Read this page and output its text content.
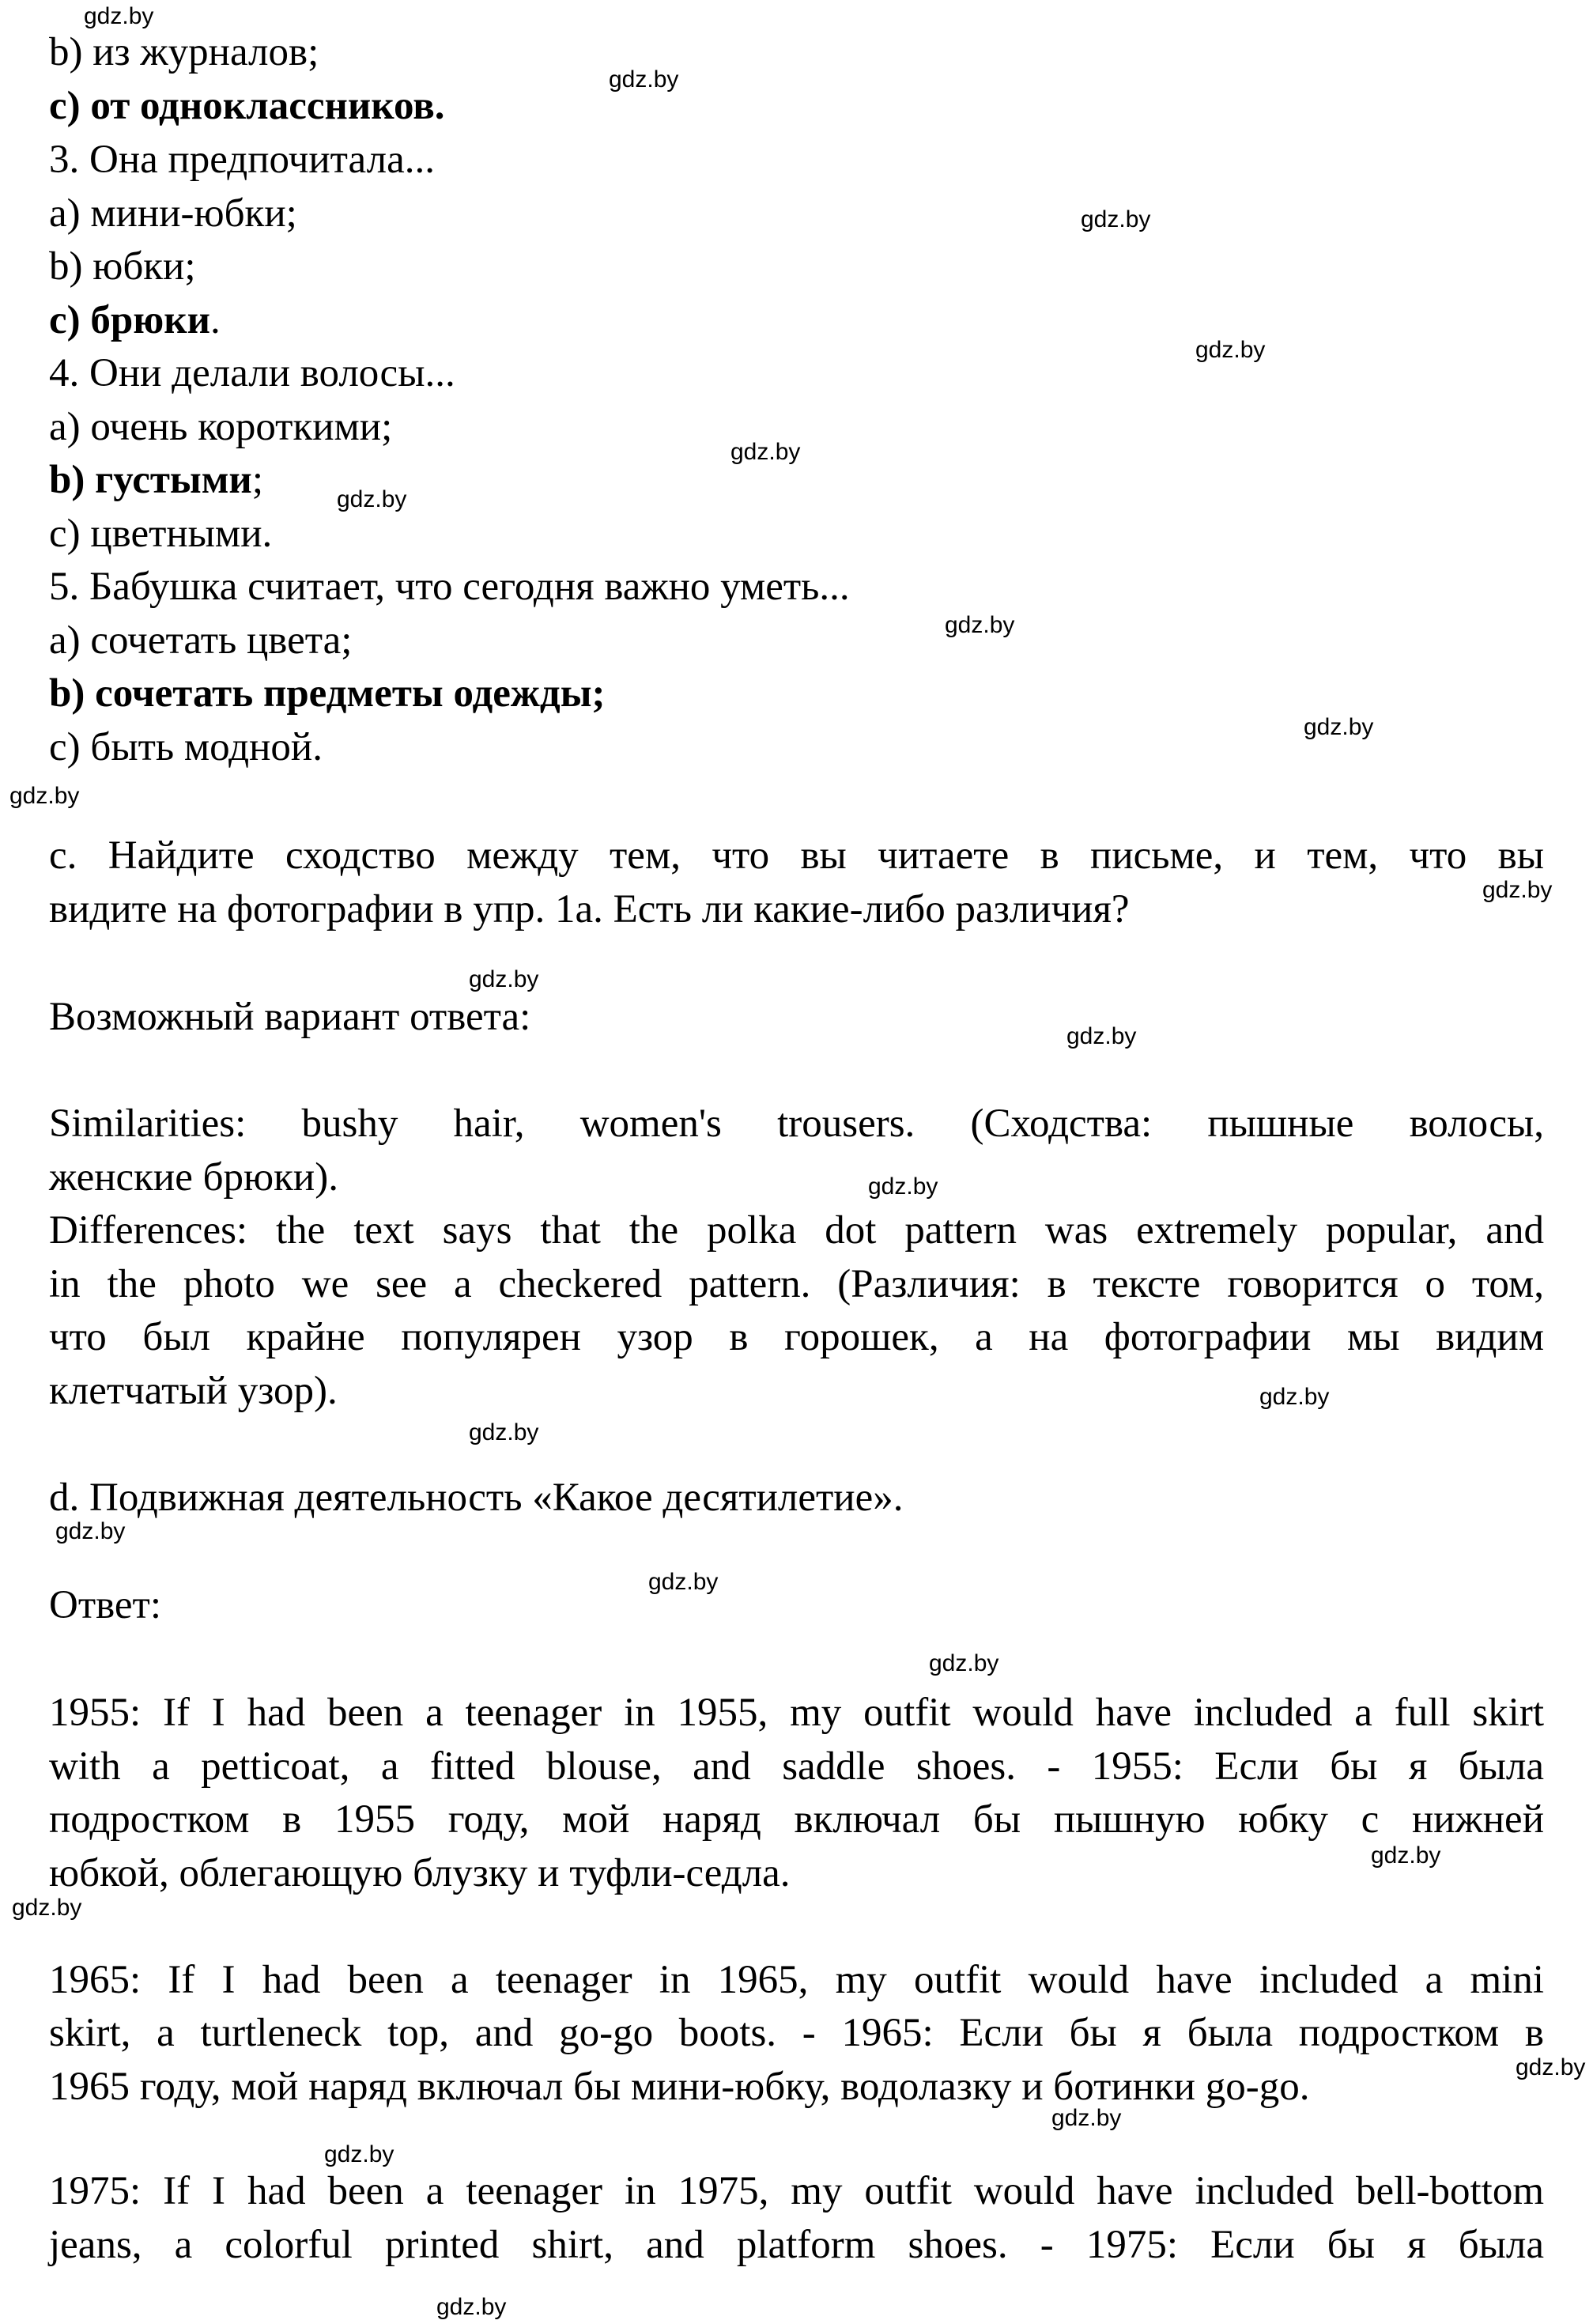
b) из журналов;
c) от одноклассников.
3. Она предпочитала...
а) мини-юбки;
b) юбки;
c) брюки.
4. Они делали волосы...
а) очень короткими;
b) густыми;
c) цветными.
5. Бабушка считает, что сегодня важно уметь...
а) сочетать цвета;
b) сочетать предметы одежды;
c) быть модной.
c. Найдите сходство между тем, что вы читаете в письме, и тем, что вы
видите на фотографии в упр. 1а. Есть ли какие-либо различия?
Возможный вариант ответа:
Similarities: bushy hair, women's trousers. (Сходства: пышные волосы,
женские брюки).
Differences: the text says that the polka dot pattern was extremely popular, and
in the photo we see a checkered pattern. (Различия: в тексте говорится о том,
что был крайне популярен узор в горошек, а на фотографии мы видим
клетчатый узор).
d. Подвижная деятельность «Какое десятилетие».
Ответ:
1955: If I had been a teenager in 1955, my outfit would have included a full skirt
with a petticoat, a fitted blouse, and saddle shoes. - 1955: Если бы я была
подростком в 1955 году, мой наряд включал бы пышную юбку с нижней
юбкой, облегающую блузку и туфли-седла.
1965: If I had been a teenager in 1965, my outfit would have included a mini
skirt, a turtleneck top, and go-go boots. - 1965: Если бы я была подростком в
1965 году, мой наряд включал бы мини-юбку, водолазку и ботинки go-go.
1975: If I had been a teenager in 1975, my outfit would have included bell-bottom
jeans, a colorful printed shirt, and platform shoes. - 1975: Если бы я была
gdz.by
gdz.by
gdz.by
gdz.by
gdz.by
gdz.by
gdz.by
gdz.by
gdz.by
gdz.by
gdz.by
gdz.by
gdz.by
gdz.by
gdz.by
gdz.by
gdz.by
gdz.by
gdz.by
gdz.by
gdz.by
gdz.by
gdz.by
gdz.by
